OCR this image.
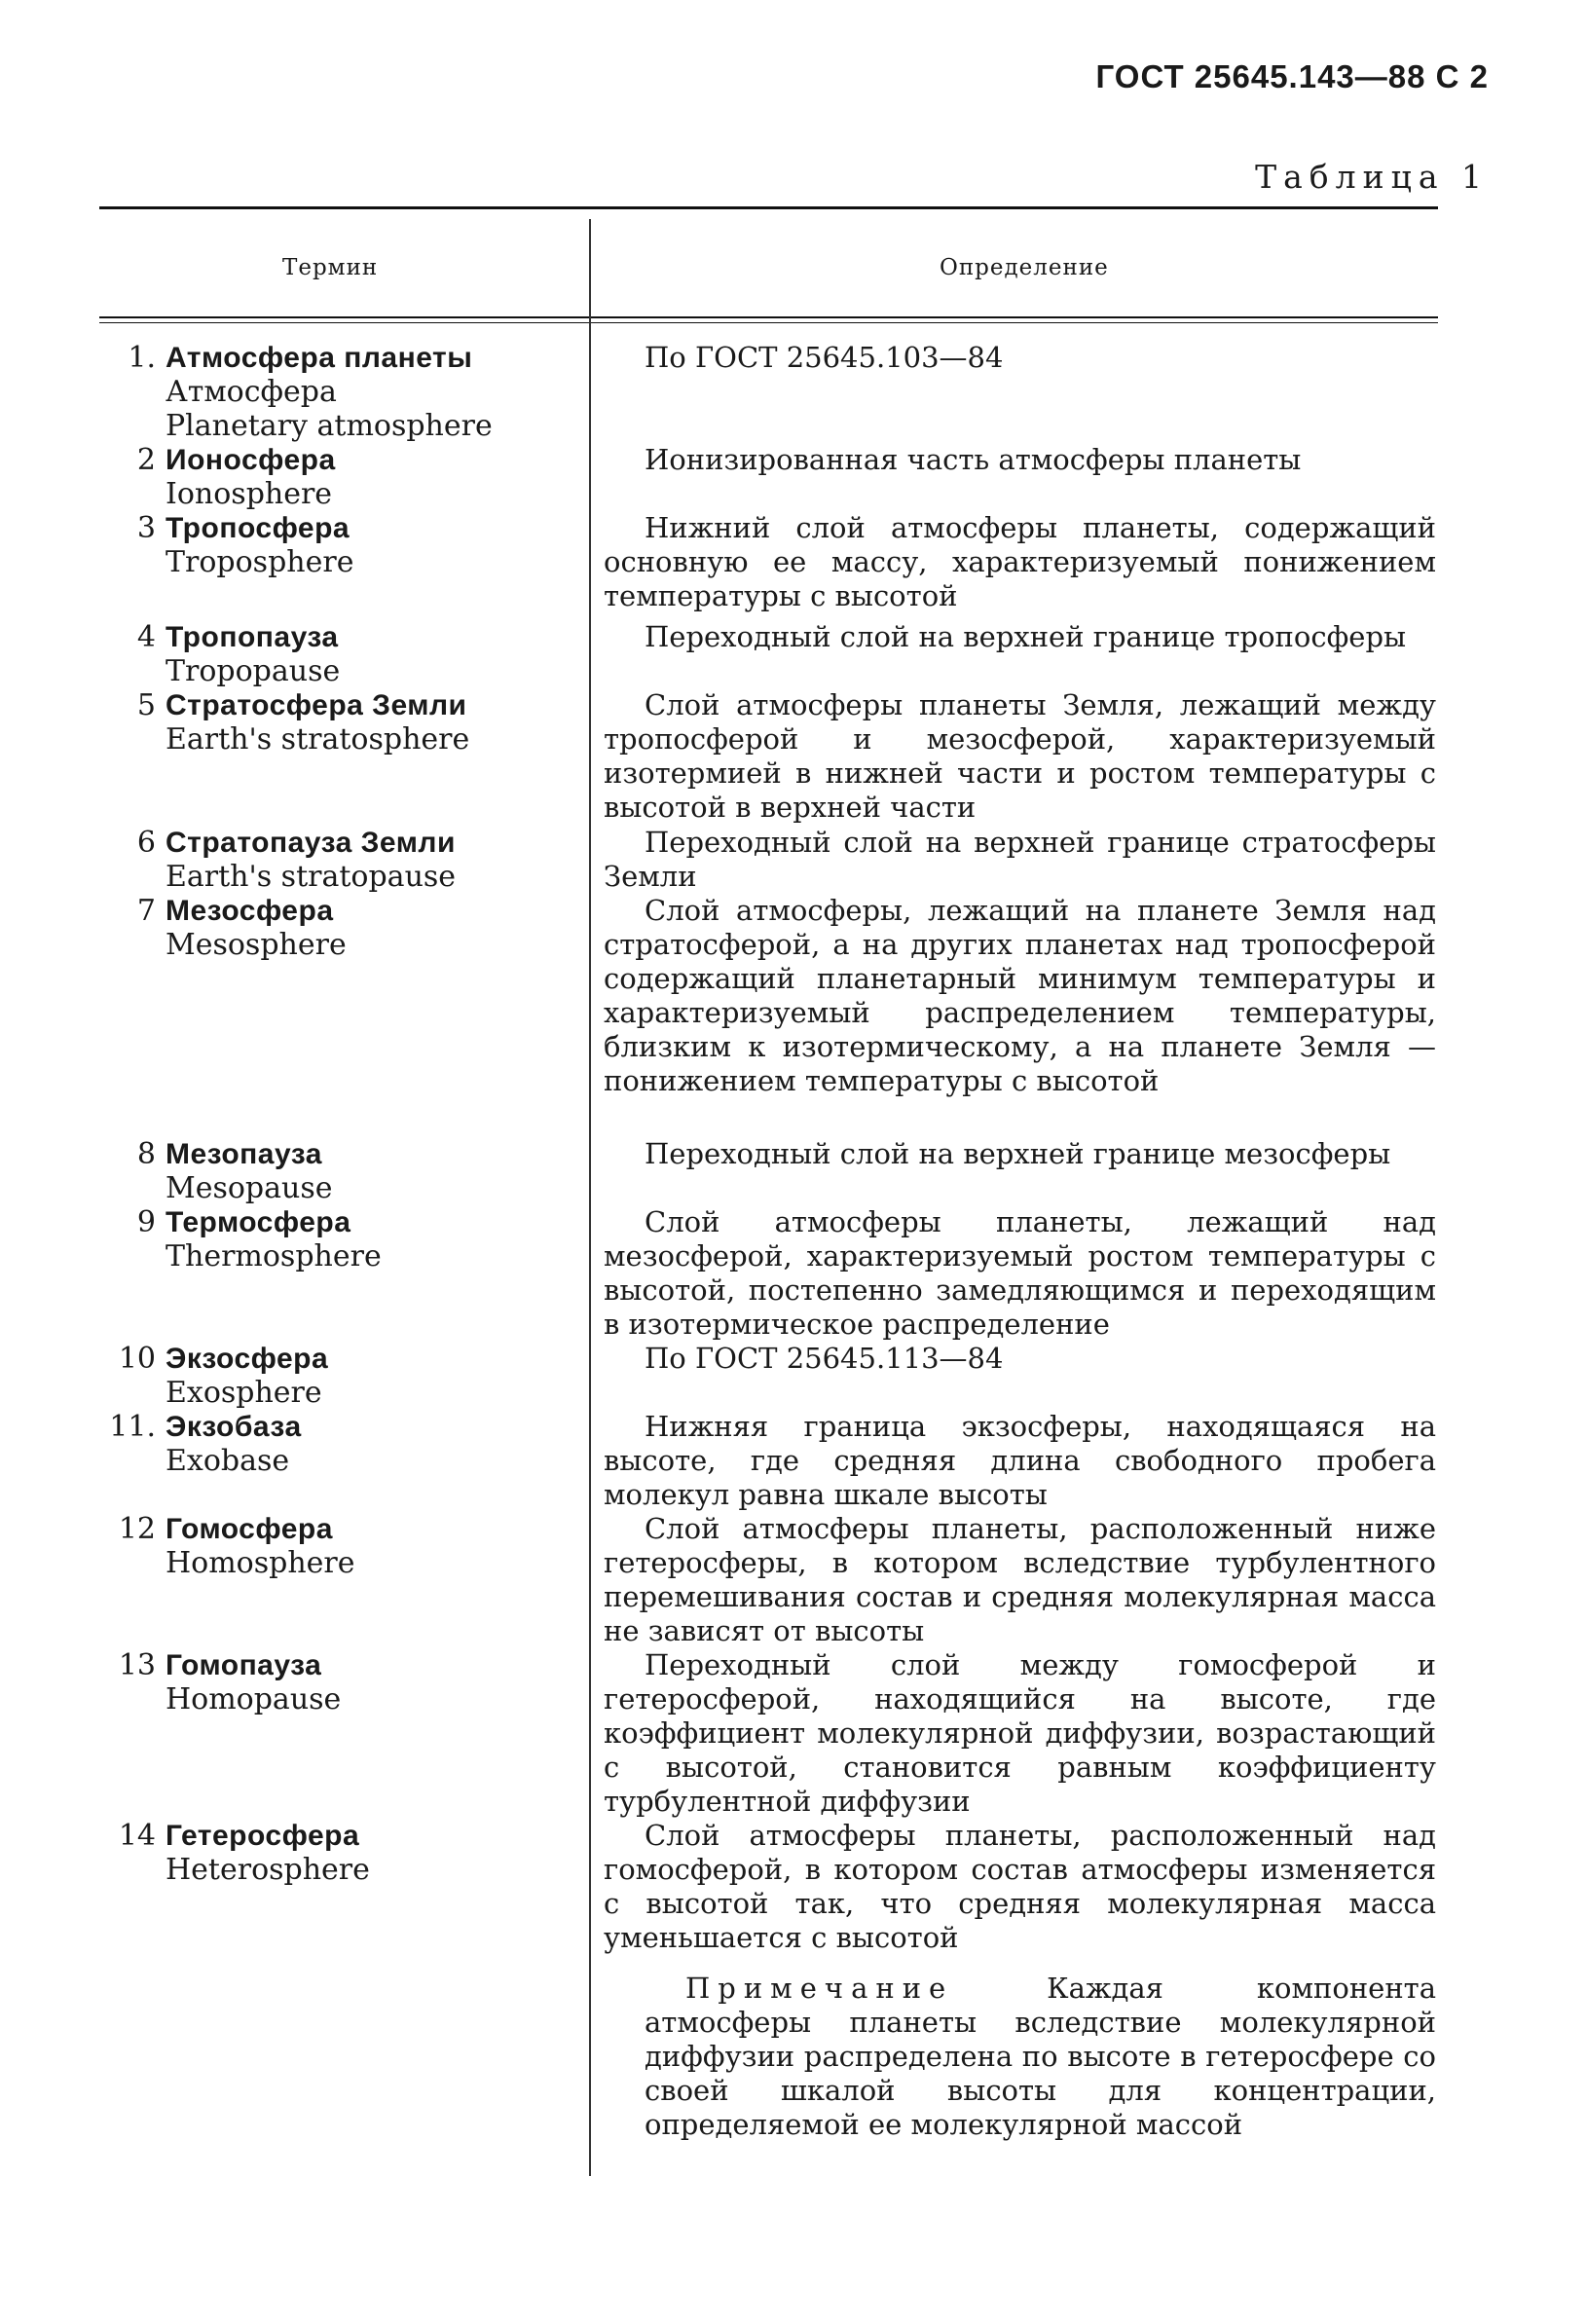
ГОСТ 25645.143—88 С 2
Таблица 1
Термин	Определение
1. Атмосфера планеты
Атмосфера
Planetary atmosphere
По ГОСТ 25645.103—84
2 Ионосфера
Ionosphere
Ионизированная часть атмосферы планеты
3 Тропосфера
Troposphere
Нижний слой атмосферы планеты, содержащий основную ее массу, характеризуемый понижением температуры с высотой
4 Тропопауза
Tropopause
Переходный слой на верхней границе тропосферы
5 Стратосфера Земли
Earth's stratosphere
Слой атмосферы планеты Земля, лежащий между тропосферой и мезосферой, характеризуемый изотермией в нижней части и ростом температуры с высотой в верхней части
6 Стратопауза Земли
Earth's stratopause
Переходный слой на верхней границе стратосферы Земли
7 Мезосфера
Mesosphere
Слой атмосферы, лежащий на планете Земля над стратосферой, а на других планетах над тропосферой содержащий планетарный минимум температуры и характеризуемый распределением температуры, близким к изотермическому, а на планете Земля — понижением температуры с высотой
8 Мезопауза
Mesopause
Переходный слой на верхней границе мезосферы
9 Термосфера
Thermosphere
Слой атмосферы планеты, лежащий над мезосферой, характеризуемый ростом температуры с высотой, постепенно замедляющимся и переходящим в изотермическое распределение
10 Экзосфера
Exosphere
По ГОСТ 25645.113—84
11. Экзобаза
Exobase
Нижняя граница экзосферы, находящаяся на высоте, где средняя длина свободного пробега молекул равна шкале высоты
12 Гомосфера
Homosphere
Слой атмосферы планеты, расположенный ниже гетеросферы, в котором вследствие турбулентного перемешивания состав и средняя молекулярная масса не зависят от высоты
13 Гомопауза
Homopause
Переходный слой между гомосферой и гетеросферой, находящийся на высоте, где коэффициент молекулярной диффузии, возрастающий с высотой, становится равным коэффициенту турбулентной диффузии
14 Гетеросфера
Heterosphere
Слой атмосферы планеты, расположенный над гомосферой, в котором состав атмосферы изменяется с высотой так, что средняя молекулярная масса уменьшается с высотой
Примечание	Каждая компонента атмосферы планеты вследствие молекулярной диффузии распределена по высоте в гетеросфере со своей шкалой высоты для концентрации, определяемой ее молекулярной массой
